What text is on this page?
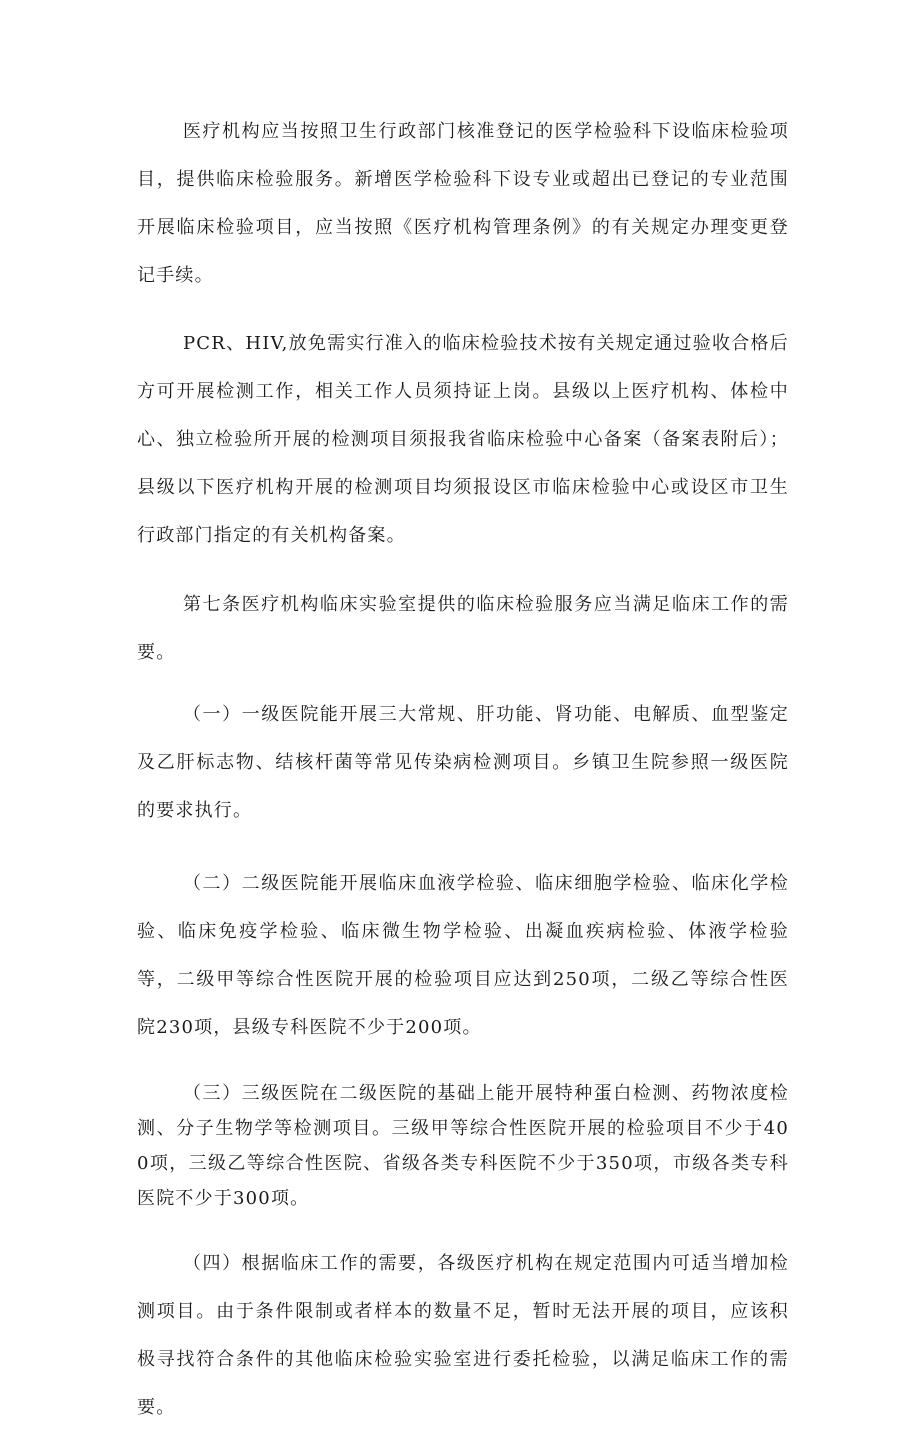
医疗机构应当按照卫生行政部门核准登记的医学检验科下设临床检验项目，提供临床检验服务。新增医学检验科下设专业或超出已登记的专业范围开展临床检验项目，应当按照《医疗机构管理条例》的有关规定办理变更登记手续。

PCR、HIV,放免需实行准入的临床检验技术按有关规定通过验收合格后方可开展检测工作，相关工作人员须持证上岗。县级以上医疗机构、体检中心、独立检验所开展的检测项目须报我省临床检验中心备案（备案表附后）；县级以下医疗机构开展的检测项目均须报设区市临床检验中心或设区市卫生行政部门指定的有关机构备案。

第七条医疗机构临床实验室提供的临床检验服务应当满足临床工作的需要。

（一）一级医院能开展三大常规、肝功能、肾功能、电解质、血型鉴定及乙肝标志物、结核杆菌等常见传染病检测项目。乡镇卫生院参照一级医院的要求执行。

（二）二级医院能开展临床血液学检验、临床细胞学检验、临床化学检验、临床免疫学检验、临床微生物学检验、出凝血疾病检验、体液学检验等，二级甲等综合性医院开展的检验项目应达到250项，二级乙等综合性医院230项，县级专科医院不少于200项。

（三）三级医院在二级医院的基础上能开展特种蛋白检测、药物浓度检测、分子生物学等检测项目。三级甲等综合性医院开展的检验项目不少于400项，三级乙等综合性医院、省级各类专科医院不少于350项，市级各类专科医院不少于300项。

（四）根据临床工作的需要，各级医疗机构在规定范围内可适当增加检测项目。由于条件限制或者样本的数量不足，暂时无法开展的项目，应该积极寻找符合条件的其他临床检验实验室进行委托检验，以满足临床工作的需要。
